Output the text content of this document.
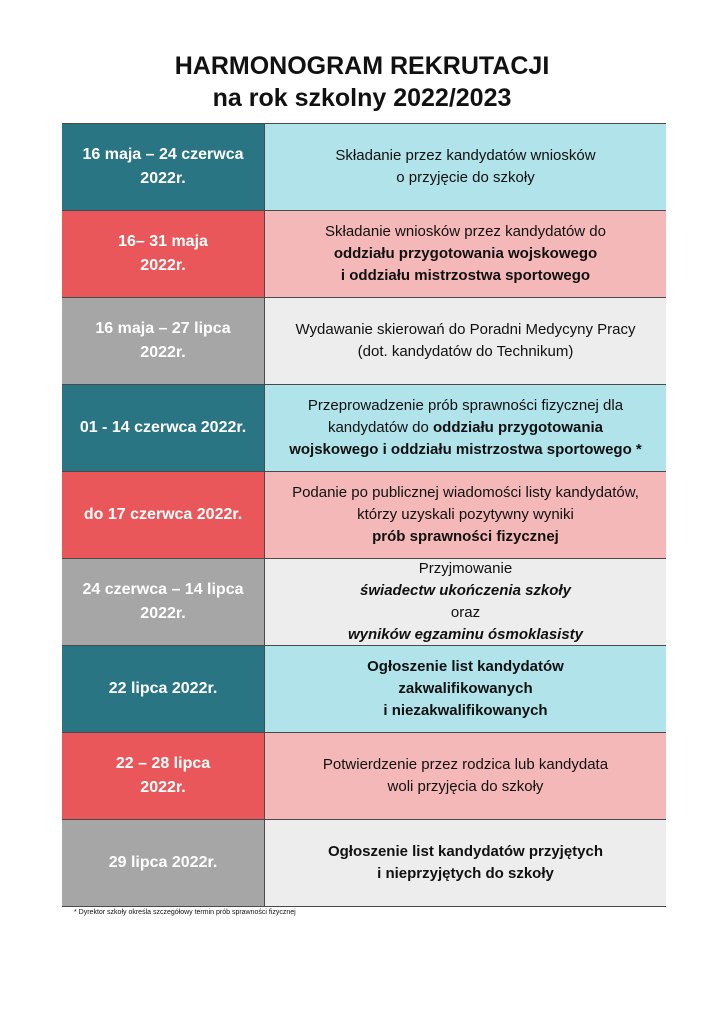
HARMONOGRAM REKRUTACJI
na rok szkolny 2022/2023
16 maja – 24 czerwca
2022r.
Składanie przez kandydatów wniosków
o przyjęcie do szkoły
16– 31 maja
2022r.
Składanie wniosków przez kandydatów do
oddziału przygotowania wojskowego
i oddziału mistrzostwa sportowego
16 maja – 27 lipca
2022r.
Wydawanie skierowań do Poradni Medycyny Pracy
(dot. kandydatów do Technikum)
01 - 14 czerwca 2022r.
Przeprowadzenie prób sprawności fizycznej dla
kandydatów do oddziału przygotowania
wojskowego i oddziału mistrzostwa sportowego *
do 17 czerwca 2022r.
Podanie po publicznej wiadomości listy kandydatów,
którzy uzyskali pozytywny wyniki
prób sprawności fizycznej
24 czerwca – 14 lipca
2022r.
Przyjmowanie
świadectw ukończenia szkoły
oraz
wyników egzaminu ósmoklasisty
22 lipca 2022r.
Ogłoszenie list kandydatów
zakwalifikowanych
i niezakwalifikowanych
22 – 28 lipca
2022r.
Potwierdzenie przez rodzica lub kandydata
woli przyjęcia do szkoły
29 lipca 2022r.
Ogłoszenie list kandydatów przyjętych
i nieprzyjętych do szkoły
* Dyrektor szkoły określa szczegółowy termin prób sprawności fizycznej
